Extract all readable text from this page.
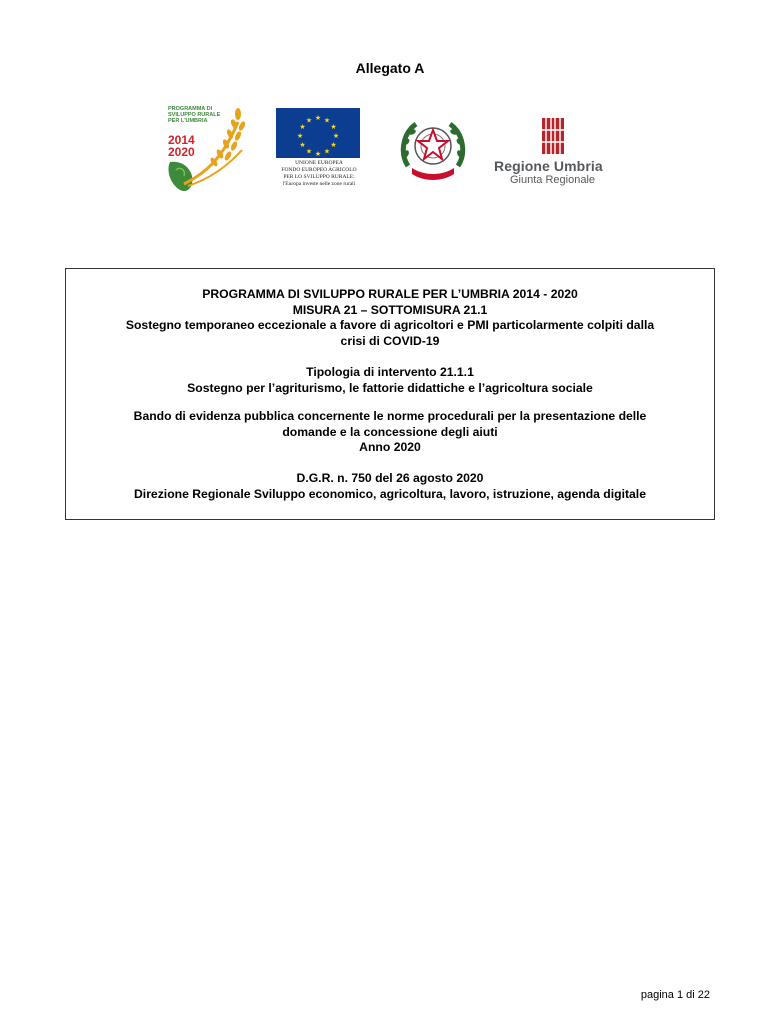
Allegato A
PROGRAMMA DI SVILUPPO RURALE PER L'UMBRIA
2014
2020
★ ★
★
★
★
★
★
★
★
★
★
★
UNIONE EUROPEA
FONDO EUROPEO AGRICOLO
PER LO SVILUPPO RURALE:
l'Europa investe nelle zone rurali
Regione Umbria
Giunta Regionale
PROGRAMMA DI SVILUPPO RURALE PER L’UMBRIA 2014 - 2020
MISURA 21 – SOTTOMISURA 21.1
Sostegno temporaneo eccezionale a favore di agricoltori e PMI particolarmente colpiti dalla
crisi di COVID-19
Tipologia di intervento 21.1.1
Sostegno per l’agriturismo, le fattorie didattiche e l’agricoltura sociale
Bando di evidenza pubblica concernente le norme procedurali per la presentazione delle
domande e la concessione degli aiuti
Anno 2020
D.G.R. n. 750 del 26 agosto 2020
Direzione Regionale Sviluppo economico, agricoltura, lavoro, istruzione, agenda digitale
pagina 1 di 22
